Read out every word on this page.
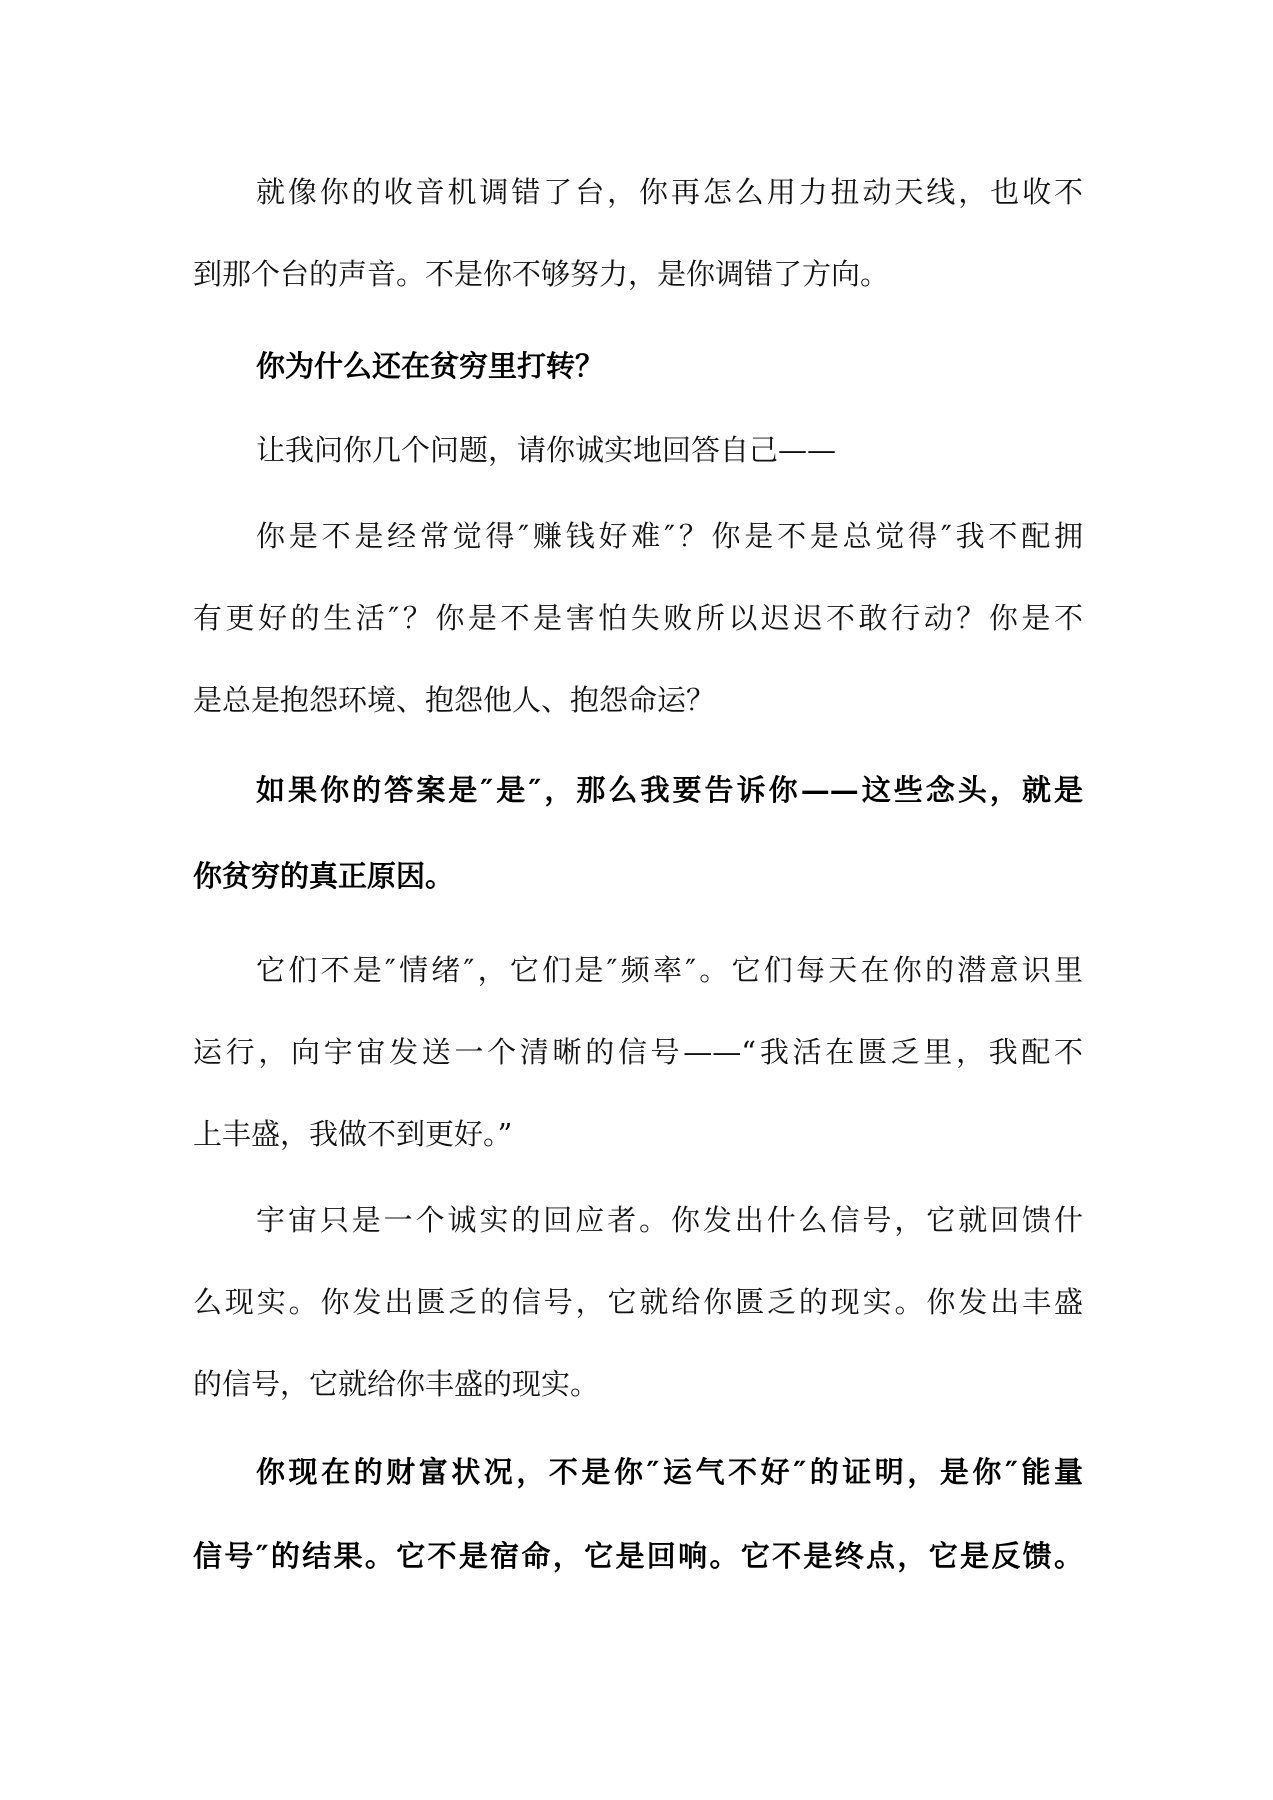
就像你的收音机调错了台，你再怎么用力扭动天线，也收不
到那个台的声音。不是你不够努力，是你调错了方向。
你为什么还在贫穷里打转？
让我问你几个问题，请你诚实地回答自己——
你是不是经常觉得″赚钱好难″？你是不是总觉得″我不配拥
有更好的生活″？你是不是害怕失败所以迟迟不敢行动？你是不
是总是抱怨环境、抱怨他人、抱怨命运？
如果你的答案是″是″，那么我要告诉你——这些念头，就是
你贫穷的真正原因。
它们不是″情绪″，它们是″频率″。它们每天在你的潜意识里
运行，向宇宙发送一个清晰的信号——“我活在匮乏里，我配不
上丰盛，我做不到更好。”
宇宙只是一个诚实的回应者。你发出什么信号，它就回馈什
么现实。你发出匮乏的信号，它就给你匮乏的现实。你发出丰盛
的信号，它就给你丰盛的现实。
你现在的财富状况，不是你″运气不好″的证明，是你″能量
信号″的结果。它不是宿命，它是回响。它不是终点，它是反馈。
